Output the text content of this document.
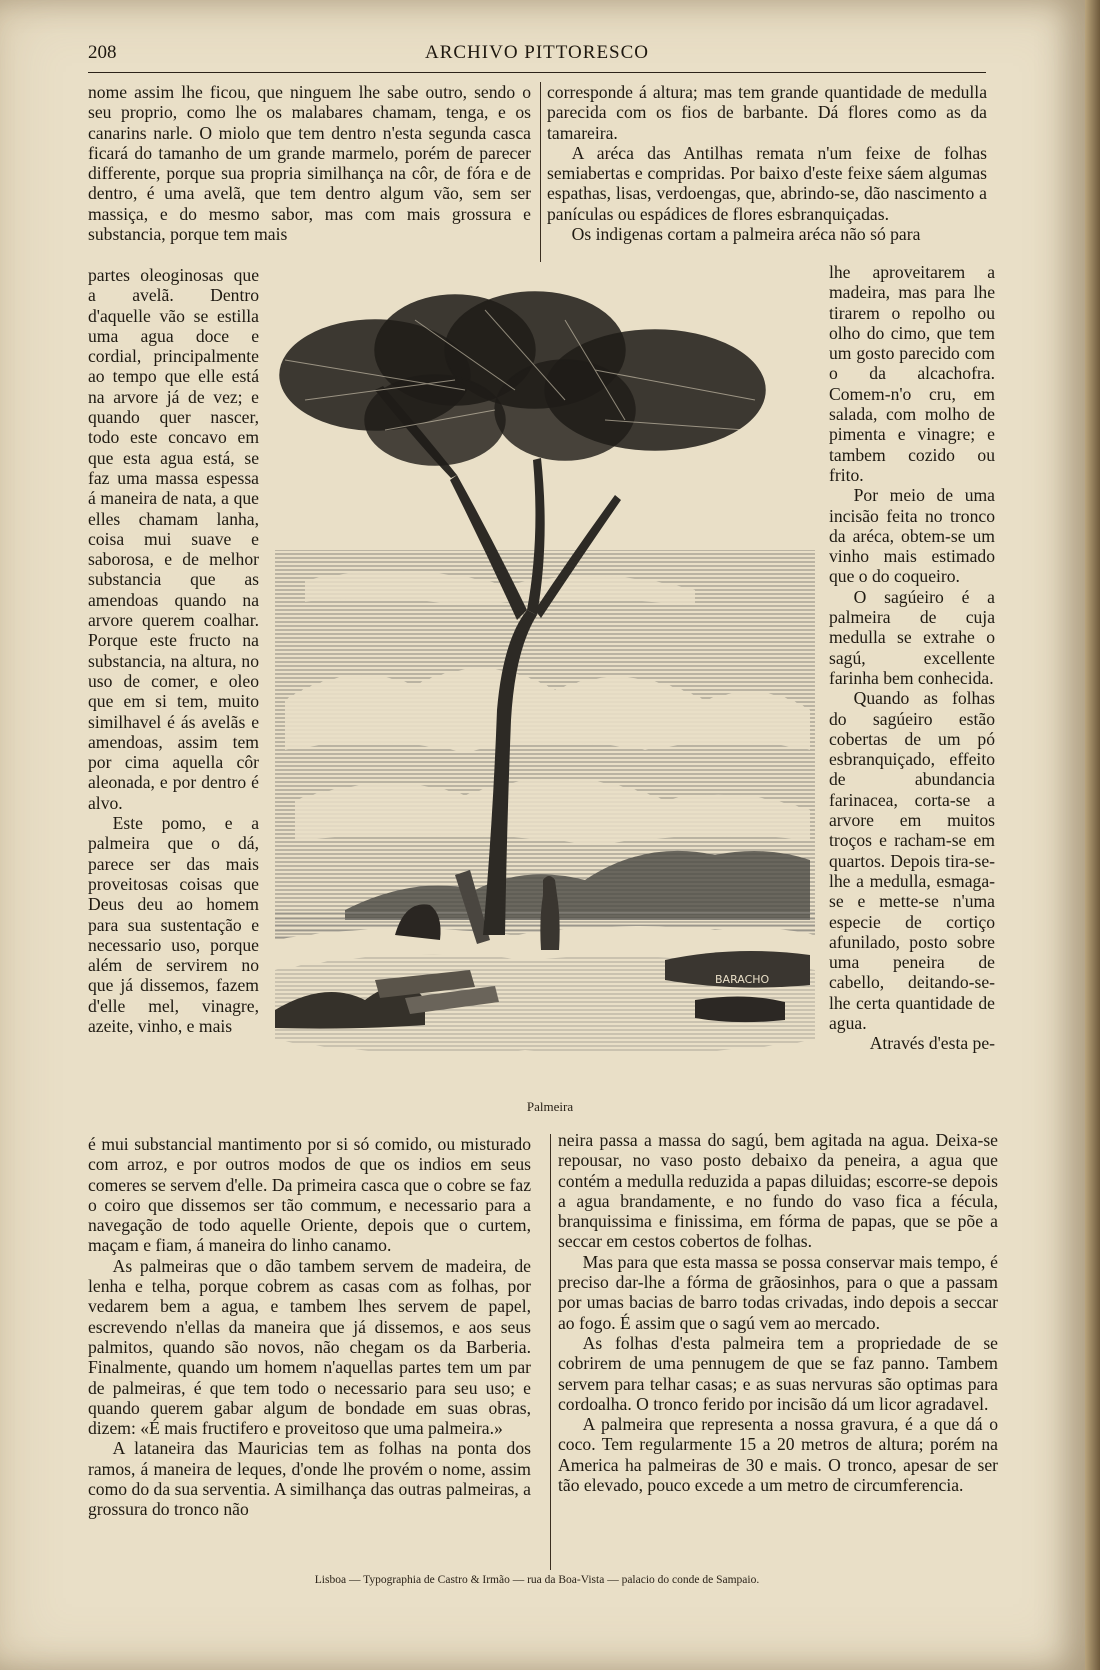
208	ARCHIVO PITTORESCO

nome assim lhe ficou, que ninguem lhe sabe outro, sendo o seu proprio, como lhe os malabares chamam, tenga, e os canarins narle. O miolo que tem dentro n'esta segunda casca ficará do tamanho de um grande marmelo, porém de parecer differente, porque sua propria similhança na côr, de fóra e de dentro, é uma avelã, que tem dentro algum vão, sem ser massiça, e do mesmo sabor, mas com mais grossura e substancia, porque tem mais

partes oleoginosas que a avelã. Dentro d'aquelle vão se estilla uma agua doce e cordial, principalmente ao tempo que elle está na arvore já de vez; e quando quer nascer, todo este concavo em que esta agua está, se faz uma massa espessa á maneira de nata, a que elles chamam lanha, coisa mui suave e saborosa, e de melhor substancia que as amendoas quando na arvore querem coalhar. Porque este fructo na substancia, na altura, no uso de comer, e oleo que em si tem, muito similhavel é ás avelãs e amendoas, assim tem por cima aquella côr aleonada, e por dentro é alvo.

Este pomo, e a palmeira que o dá, parece ser das mais proveitosas coisas que Deus deu ao homem para sua sustentação e necessario uso, porque além de servirem no que já dissemos, fazem d'elle mel, vinagre, azeite, vinho, e mais

é mui substancial mantimento por si só comido, ou misturado com arroz, e por outros modos de que os indios em seus comeres se servem d'elle. Da primeira casca que o cobre se faz o coiro que dissemos ser tão commum, e necessario para a navegação de todo aquelle Oriente, depois que o curtem, maçam e fiam, á maneira do linho canamo.

As palmeiras que o dão tambem servem de madeira, de lenha e telha, porque cobrem as casas com as folhas, por vedarem bem a agua, e tambem lhes servem de papel, escrevendo n'ellas da maneira que já dissemos, e aos seus palmitos, quando são novos, não chegam os da Barberia. Finalmente, quando um homem n'aquellas partes tem um par de palmeiras, é que tem todo o necessario para seu uso; e quando querem gabar algum de bondade em suas obras, dizem: «É mais fructifero e proveitoso que uma palmeira.»

A lataneira das Mauricias tem as folhas na ponta dos ramos, á maneira de leques, d'onde lhe provém o nome, assim como do da sua serventia. A similhança das outras palmeiras, a grossura do tronco não

corresponde á altura; mas tem grande quantidade de medulla parecida com os fios de barbante. Dá flores como as da tamareira.

A aréca das Antilhas remata n'um feixe de folhas semiabertas e compridas. Por baixo d'este feixe sáem algumas espathas, lisas, verdoengas, que, abrindo-se, dão nascimento a panículas ou espádices de flores esbranquiçadas.

Os indigenas cortam a palmeira aréca não só para

lhe aproveitarem a madeira, mas para lhe tirarem o repolho ou olho do cimo, que tem um gosto parecido com o da alcachofra. Comem-n'o cru, em salada, com molho de pimenta e vinagre; e tambem cozido ou frito.

Por meio de uma incisão feita no tronco da aréca, obtem-se um vinho mais estimado que o do coqueiro.

O sagúeiro é a palmeira de cuja medulla se extrahe o sagú, excellente farinha bem conhecida.

Quando as folhas do sagúeiro estão cobertas de um pó esbranquiçado, effeito de abundancia farinacea, corta-se a arvore em muitos troços e racham-se em quartos. Depois tira-se-lhe a medulla, esmaga-se e mette-se n'uma especie de cortiço afunilado, posto sobre uma peneira de cabello, deitando-se-lhe certa quantidade de agua.

Através d'esta pe-

neira passa a massa do sagú, bem agitada na agua. Deixa-se repousar, no vaso posto debaixo da peneira, a agua que contém a medulla reduzida a papas diluidas; escorre-se depois a agua brandamente, e no fundo do vaso fica a fécula, branquissima e finissima, em fórma de papas, que se põe a seccar em cestos cobertos de folhas.

Mas para que esta massa se possa conservar mais tempo, é preciso dar-lhe a fórma de grãosinhos, para o que a passam por umas bacias de barro todas crivadas, indo depois a seccar ao fogo. É assim que o sagú vem ao mercado.

As folhas d'esta palmeira tem a propriedade de se cobrirem de uma pennugem de que se faz panno. Tambem servem para telhar casas; e as suas nervuras são optimas para cordoalha. O tronco ferido por incisão dá um licor agradavel.

A palmeira que representa a nossa gravura, é a que dá o coco. Tem regularmente 15 a 20 metros de altura; porém na America ha palmeiras de 30 e mais. O tronco, apesar de ser tão elevado, pouco excede a um metro de circumferencia.

BARACHO
Palmeira
Lisboa — Typographia de Castro & Irmão — rua da Boa-Vista — palacio do conde de Sampaio.
